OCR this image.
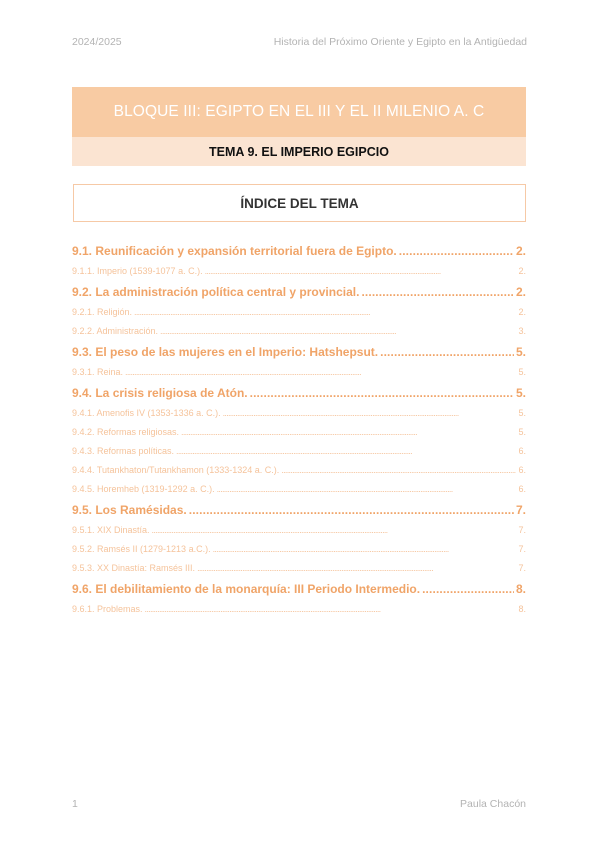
2024/2025	Historia del Próximo Oriente y Egipto en la Antigüedad
BLOQUE III: EGIPTO EN EL III Y EL II MILENIO A. C
TEMA 9. EL IMPERIO EGIPCIO
ÍNDICE DEL TEMA
9.1. Reunificación y expansión territorial fuera de Egipto. . . .	2.
9.1.1. Imperio (1539-1077 a. C.). . . .	2.
9.2. La administración política central y provincial. . . .	2.
9.2.1. Religión. . . .	2.
9.2.2. Administración. . . .	3.
9.3. El peso de las mujeres en el Imperio: Hatshepsut. . . .	5.
9.3.1. Reina. . . .	5.
9.4. La crisis religiosa de Atón. . . .	5.
9.4.1. Amenofis IV (1353-1336 a. C.). . . .	5.
9.4.2. Reformas religiosas. . . .	5.
9.4.3. Reformas políticas. . . .	6.
9.4.4. Tutankhaton/Tutankhamon (1333-1324 a. C.). . . .	6.
9.4.5. Horemheb (1319-1292 a. C.). . . .	6.
9.5. Los Ramésidas. . . .	7.
9.5.1. XIX Dinastía. . . .	7.
9.5.2. Ramsés II (1279-1213 a.C.). . . .	7.
9.5.3. XX Dinastía: Ramsés III. . . .	7.
9.6. El debilitamiento de la monarquía: III Periodo Intermedio. . . .	8.
9.6.1. Problemas. . . .	8.
1	Paula Chacón
